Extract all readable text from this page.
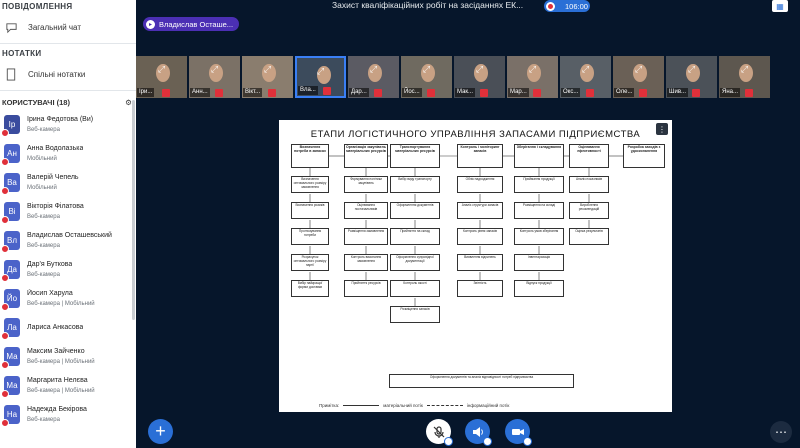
ПОВІДОМЛЕННЯ
Загальний чат
НОТАТКИ
Спільні нотатки
КОРИСТУВАЧІ (18)	⚙
Ір
Ірина Федотова (Ви)
Веб-камера
Ан
Анна Водолазька
Мобільний
Ва
Валерій Чепель
Мобільний
Ві
Вікторія Філатова
Веб-камера
Вл
Владислав Осташевський
Веб-камера
Да
Дар'я Буткова
Веб-камера
Йо
Йосип Харула
Веб-камера | Мобільний
Ла Лариса Анкасова
Ма
Максим Зайченко
Веб-камера | Мобільний
Ма
Маргарита Нелєва
Веб-камера | Мобільний
На
Надежда Бекірова
Веб-камера
Захист кваліфікаційних робіт на засіданнях ЕК...	106:00	▦
▸ Владислав Осташе...
⤢
Іри...
⤢
Анн...
⤢
Вікт...
⤢
Вла...
⤢
Дар...
⤢
Йос...
⤢
Мак...
⤢
Мар...
⤢
Окс...
⤢
Оле...
⤢
Шив...
⤢
Яна...
ЕТАПИ ЛОГІСТИЧНОГО УПРАВЛІННЯ ЗАПАСАМИ ПІДПРИЄМСТВА	⋮
Визначення потреби в запасах
Визначення оптимального розміру замовлення
Визначення ризиків
Прогнозування потреби
Розрахунок оптимального розміру партії
Вибір найкращої форми доставки
Організація закупівель матеріальних ресурсів
Формування політики закупівель
Оцінювання постачальників
Розміщення замовлення
Контроль виконання замовлення
Прийняття ресурсів
Транспортування матеріальних ресурсів
Вибір виду транспорту
Оформлення документів
Прийняття на склад
Оформлення супровідної документації
Контроль якості
Розміщення запасів
Контроль і моніторинг запасів
Облік надходження
Аналіз структури запасів
Контроль рівня запасів
Виявлення відхилень
Звітність
Зберігання і складування
Приймання продукції
Розміщення на складі
Контроль умов зберігання
Інвентаризація
Відпуск продукції
Оцінювання ефективності
Аналіз показників
Вироблення рекомендацій
Оцінка результатів
Розробка заходів з удосконалення
Оформлення документів та аналіз відповідності потреб підприємства
Примітка:	матеріальний потік	інформаційний потік
+	⋯
